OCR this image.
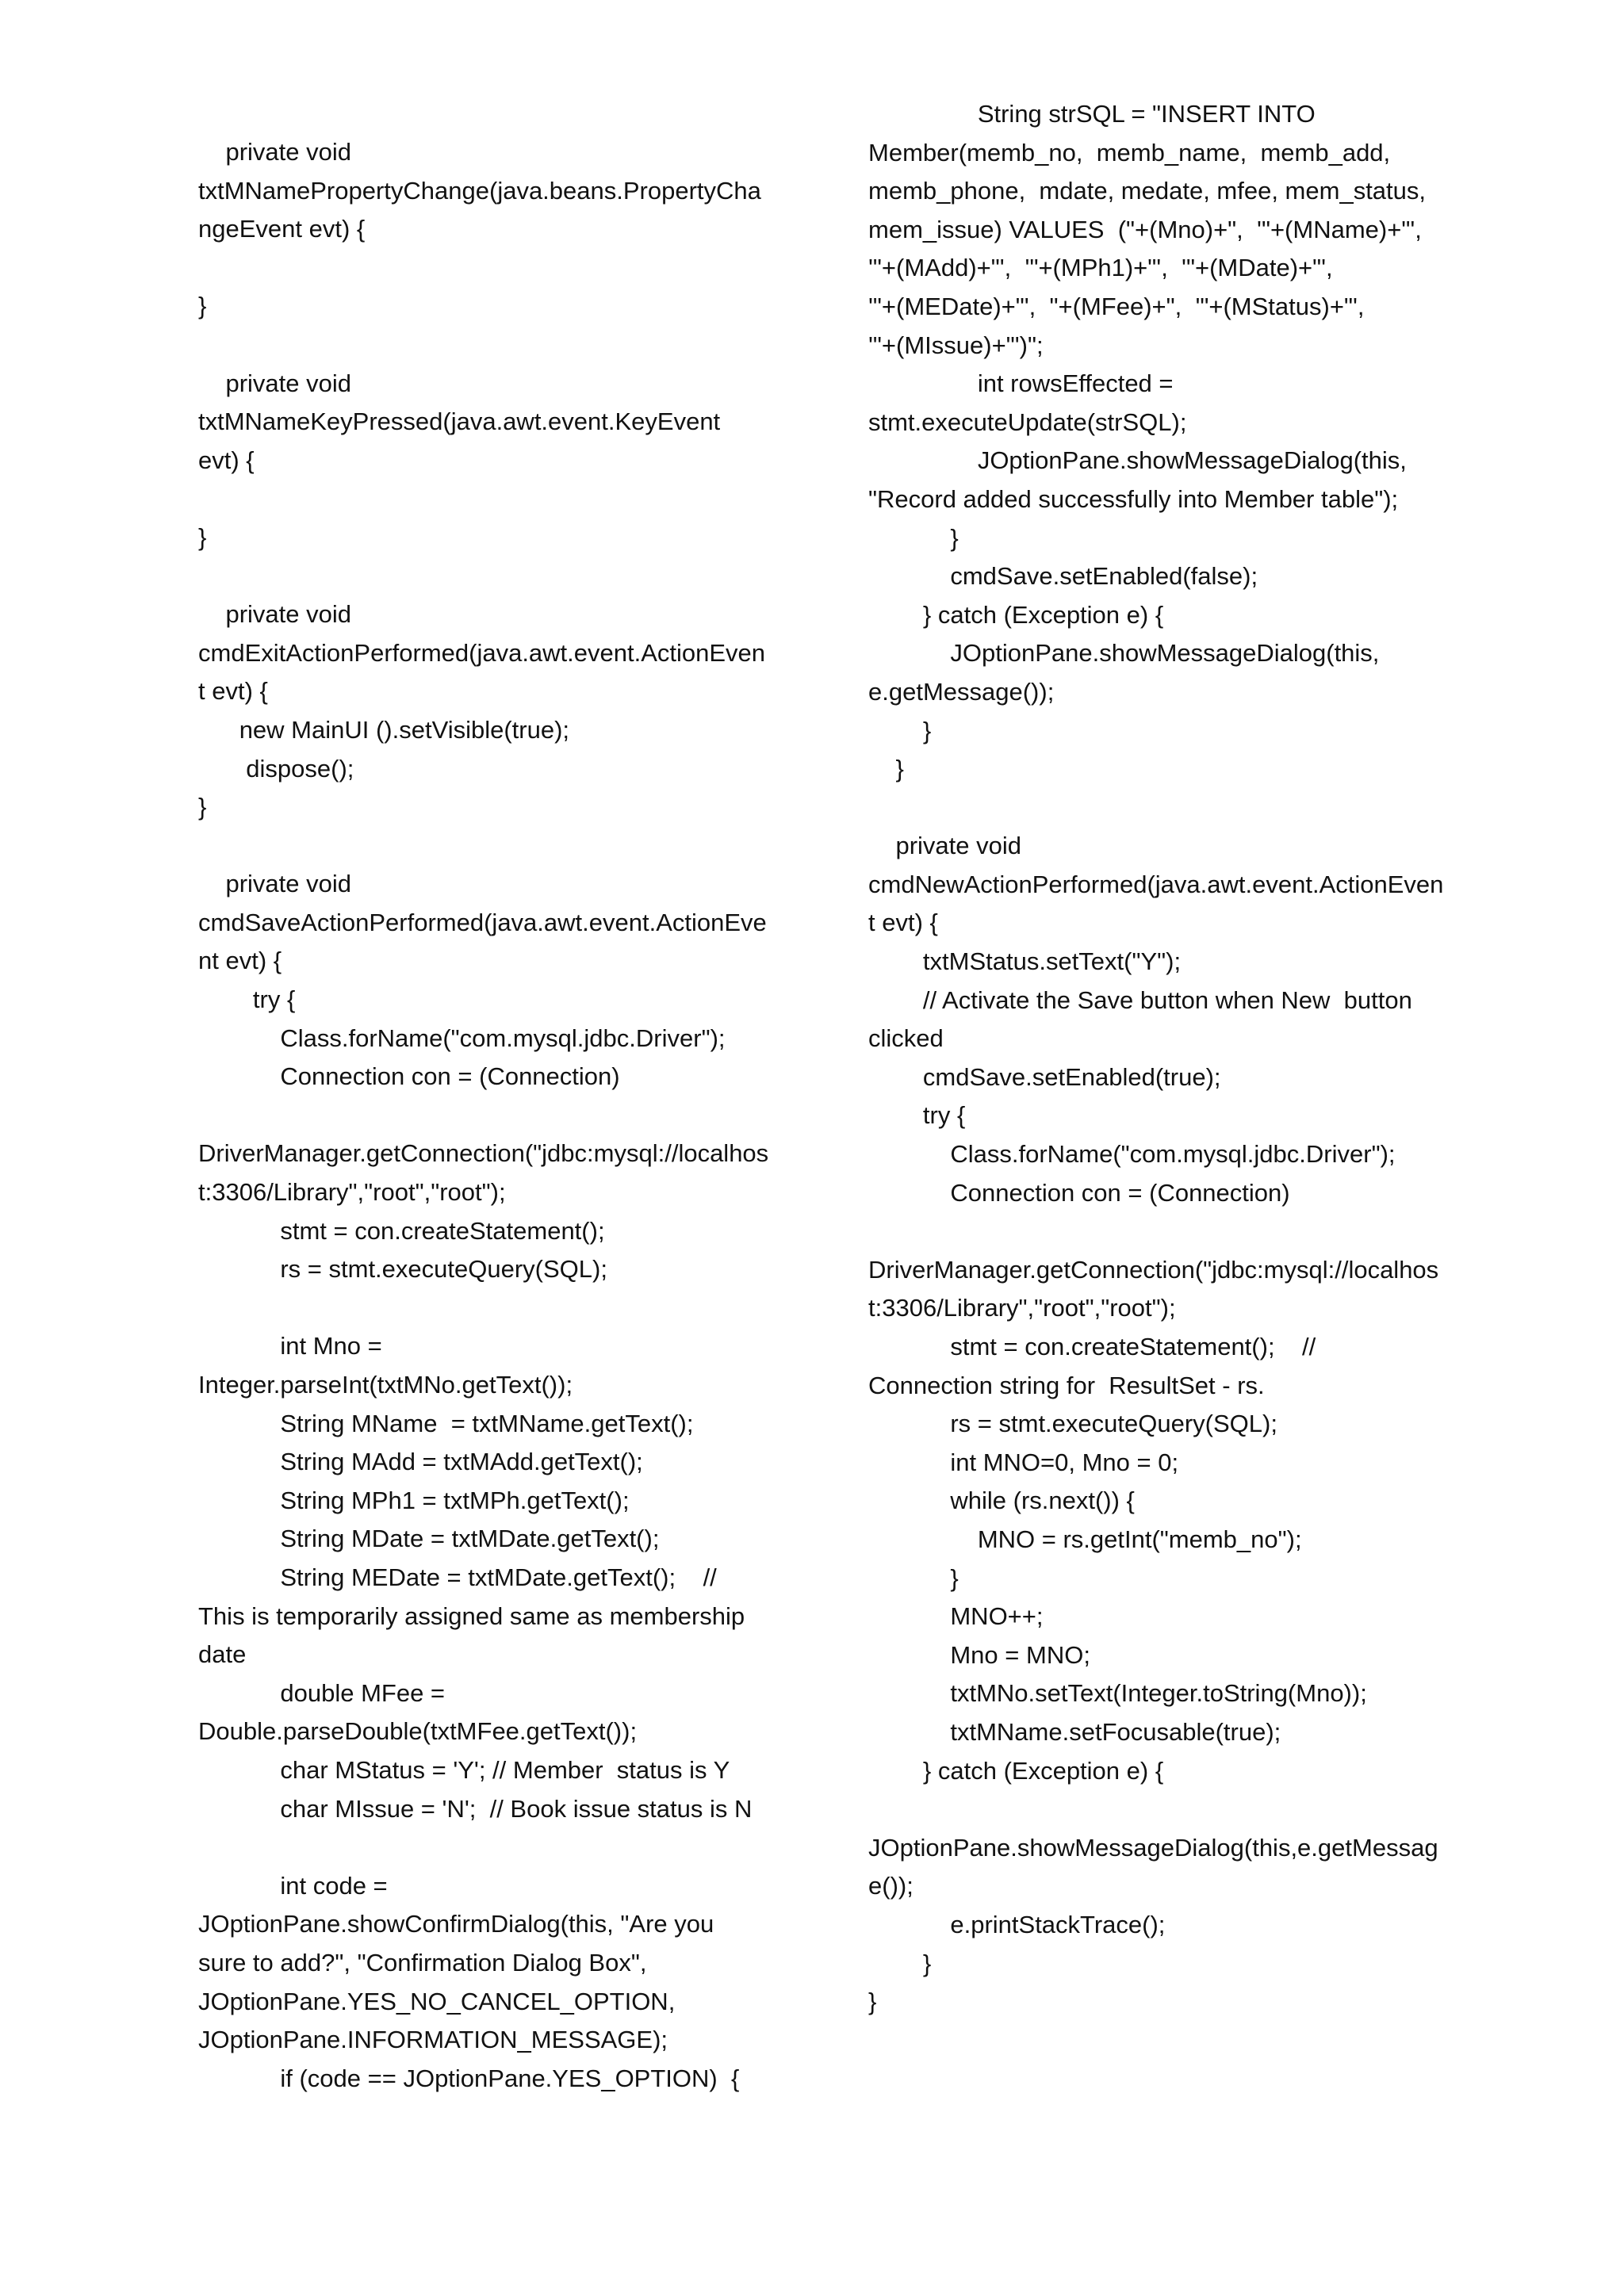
private void
txtMNamePropertyChange(java.beans.PropertyChangeEvent evt) {

}

private void
txtMNameKeyPressed(java.awt.event.KeyEvent
evt) {

}

private void
cmdExitActionPerformed(java.awt.event.ActionEvent evt) {
new MainUI ().setVisible(true);
dispose();
}

private void
cmdSaveActionPerformed(java.awt.event.ActionEvent evt) {
try {
Class.forName("com.mysql.jdbc.Driver");
Connection con = (Connection)

DriverManager.getConnection("jdbc:mysql://localhost:3306/Library","root","root");
stmt = con.createStatement();
rs = stmt.executeQuery(SQL);

int Mno =
Integer.parseInt(txtMNo.getText());
String MName  = txtMName.getText();
String MAdd = txtMAdd.getText();
String MPh1 = txtMPh.getText();
String MDate = txtMDate.getText();
String MEDate = txtMDate.getText();    //
This is temporarily assigned same as membership
date
double MFee =
Double.parseDouble(txtMFee.getText());
char MStatus = 'Y'; // Member  status is Y
char MIssue = 'N';  // Book issue status is N

int code =
JOptionPane.showConfirmDialog(this, "Are you
sure to add?", "Confirmation Dialog Box",
JOptionPane.YES_NO_CANCEL_OPTION,
JOptionPane.INFORMATION_MESSAGE);
if (code == JOptionPane.YES_OPTION)  {
String strSQL = "INSERT INTO
Member(memb_no,  memb_name,  memb_add,
memb_phone,  mdate, medate, mfee, mem_status,
mem_issue) VALUES  ("+(Mno)+",  '"+(MName)+"',
'"+(MAdd)+"',  '"+(MPh1)+"',  '"+(MDate)+"',
'"+(MEDate)+"',  "+(MFee)+",  '"+(MStatus)+"',
'"+(MIssue)+"')";
int rowsEffected =
stmt.executeUpdate(strSQL);
JOptionPane.showMessageDialog(this,
"Record added successfully into Member table");
}
cmdSave.setEnabled(false);
} catch (Exception e) {
JOptionPane.showMessageDialog(this,
e.getMessage());
}
}

private void
cmdNewActionPerformed(java.awt.event.ActionEvent evt) {
txtMStatus.setText("Y");
// Activate the Save button when New  button
clicked
cmdSave.setEnabled(true);
try {
Class.forName("com.mysql.jdbc.Driver");
Connection con = (Connection)

DriverManager.getConnection("jdbc:mysql://localhost:3306/Library","root","root");
stmt = con.createStatement();    //
Connection string for  ResultSet - rs.
rs = stmt.executeQuery(SQL);
int MNO=0, Mno = 0;
while (rs.next()) {
MNO = rs.getInt("memb_no");
}
MNO++;
Mno = MNO;
txtMNo.setText(Integer.toString(Mno));
txtMName.setFocusable(true);
} catch (Exception e) {

JOptionPane.showMessageDialog(this,e.getMessage());
e.printStackTrace();
}
}
